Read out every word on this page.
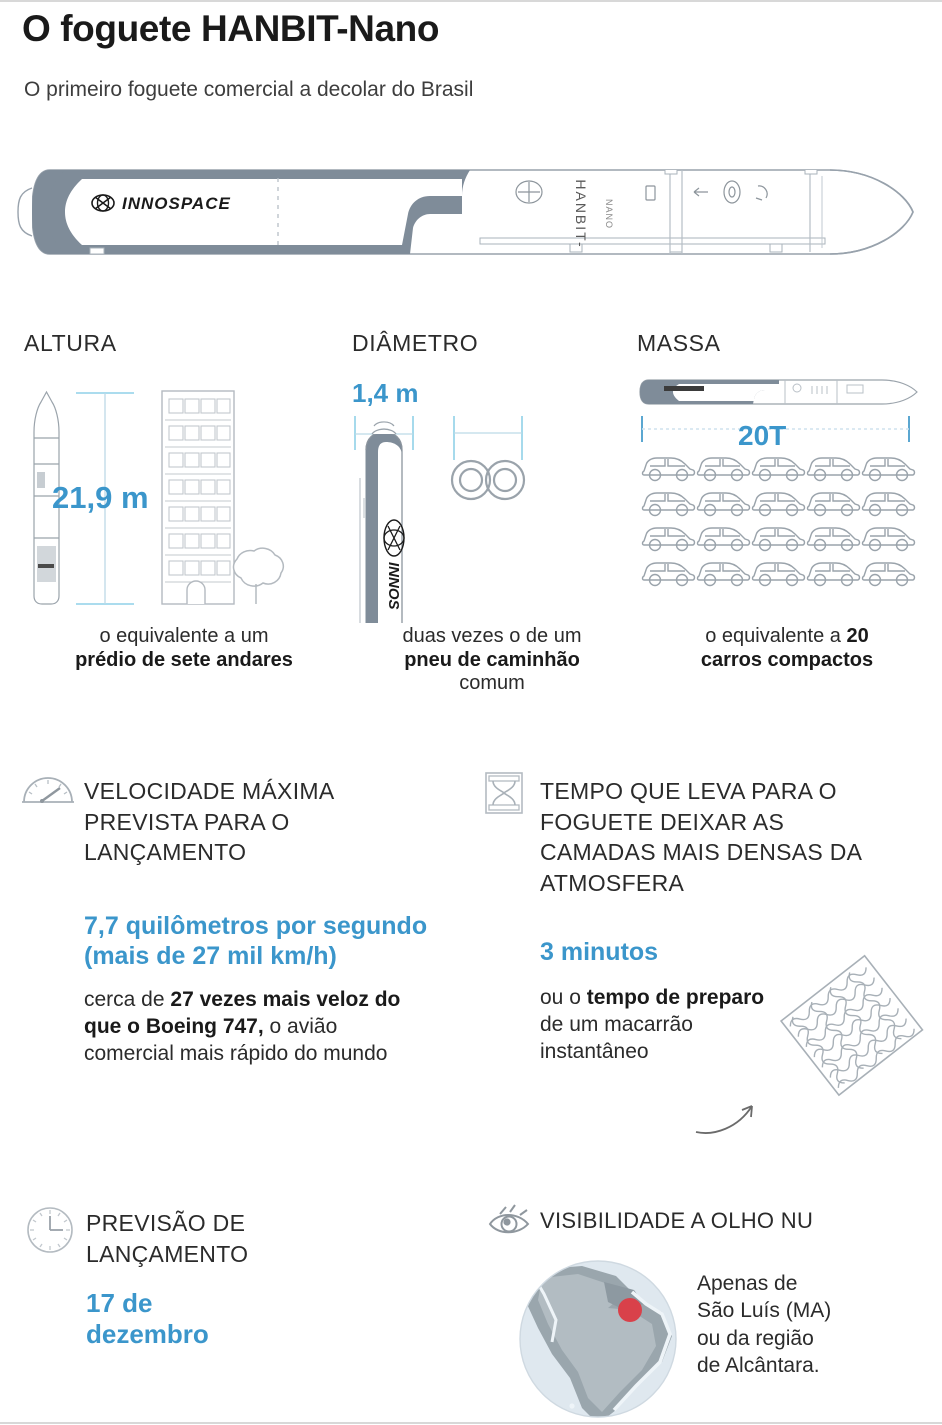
O foguete HANBIT-Nano
O primeiro foguete comercial a decolar do Brasil
INNOSPACE	HANBIT- NANO
ALTURA
o equivalente a um
prédio de sete andares
21,9 m
DIÂMETRO
INNOS
duas vezes o de um
pneu de caminhão
comum
1,4 m
MASSA
o equivalente a 20
carros compactos
20T
VELOCIDADE MÁXIMA PREVISTA PARA O LANÇAMENTO
7,7 quilômetros por segundo
(mais de 27 mil km/h)
cerca de 27 vezes mais veloz do que o Boeing 747, o avião comercial mais rápido do mundo
TEMPO QUE LEVA PARA O FOGUETE DEIXAR AS CAMADAS MAIS DENSAS DA ATMOSFERA
3 minutos
ou o tempo de preparo de um macarrão instantâneo
PREVISÃO DE
LANÇAMENTO
17 de
dezembro
VISIBILIDADE A OLHO NU
Apenas de
São Luís (MA)
ou da região
de Alcântara.
